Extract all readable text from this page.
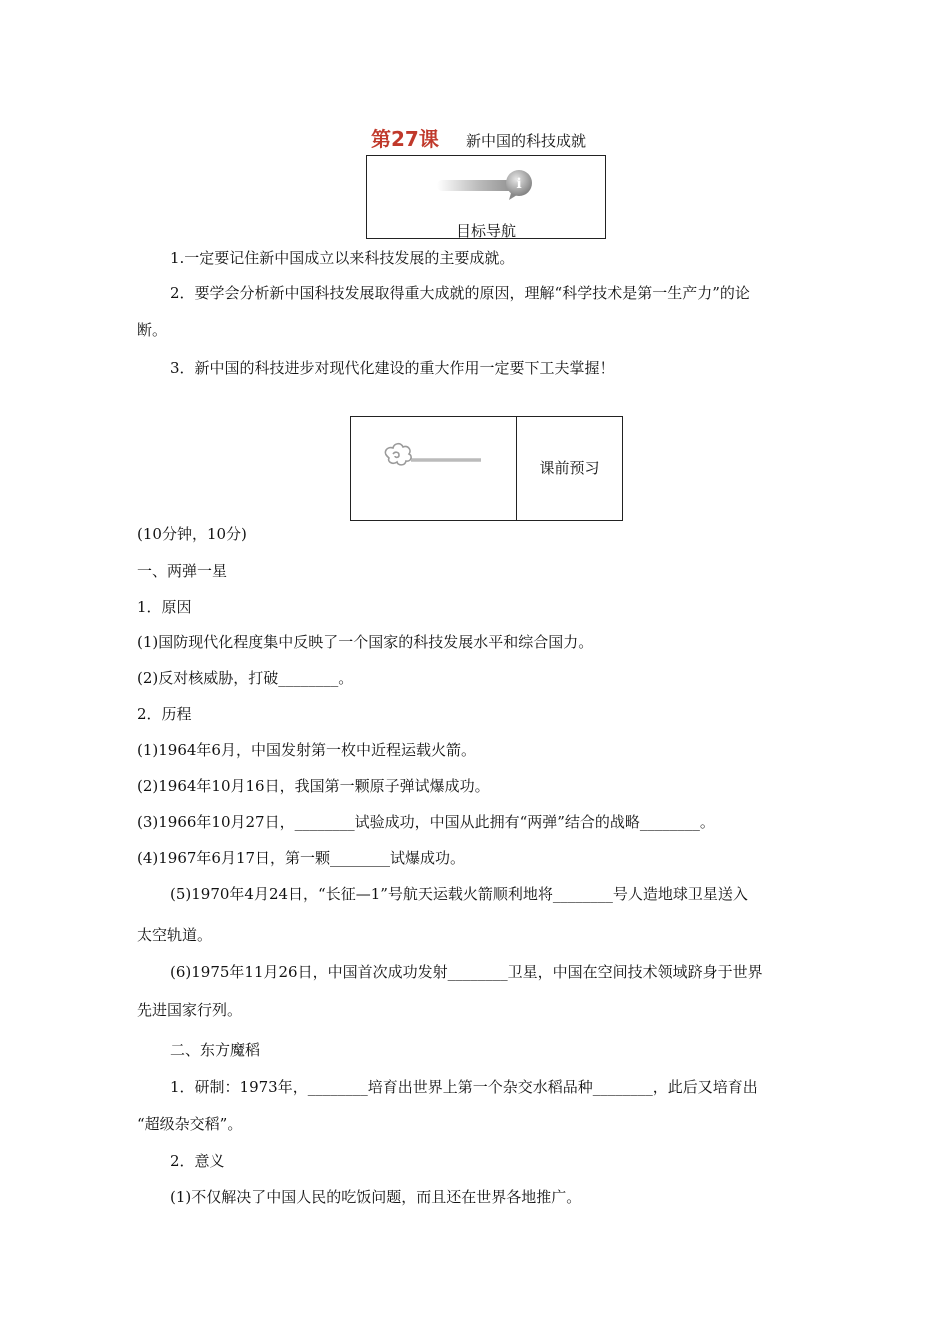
第27课 新中国的科技成就
i
目标导航
1.一定要记住新中国成立以来科技发展的主要成就。
2．要学会分析新中国科技发展取得重大成就的原因，理解“科学技术是第一生产力”的论
断。
3．新中国的科技进步对现代化建设的重大作用一定要下工夫掌握！
课前预习
(10分钟，10分)
一、两弹一星
1．原因
(1)国防现代化程度集中反映了一个国家的科技发展水平和综合国力。
(2)反对核威胁，打破________。
2．历程
(1)1964年6月，中国发射第一枚中近程运载火箭。
(2)1964年10月16日，我国第一颗原子弹试爆成功。
(3)1966年10月27日，________试验成功，中国从此拥有“两弹”结合的战略________。
(4)1967年6月17日，第一颗________试爆成功。
(5)1970年4月24日，“长征—1”号航天运载火箭顺利地将________号人造地球卫星送入
太空轨道。
(6)1975年11月26日，中国首次成功发射________卫星，中国在空间技术领域跻身于世界
先进国家行列。
二、东方魔稻
1．研制：1973年，________培育出世界上第一个杂交水稻品种________，此后又培育出
“超级杂交稻”。
2．意义
(1)不仅解决了中国人民的吃饭问题，而且还在世界各地推广。
